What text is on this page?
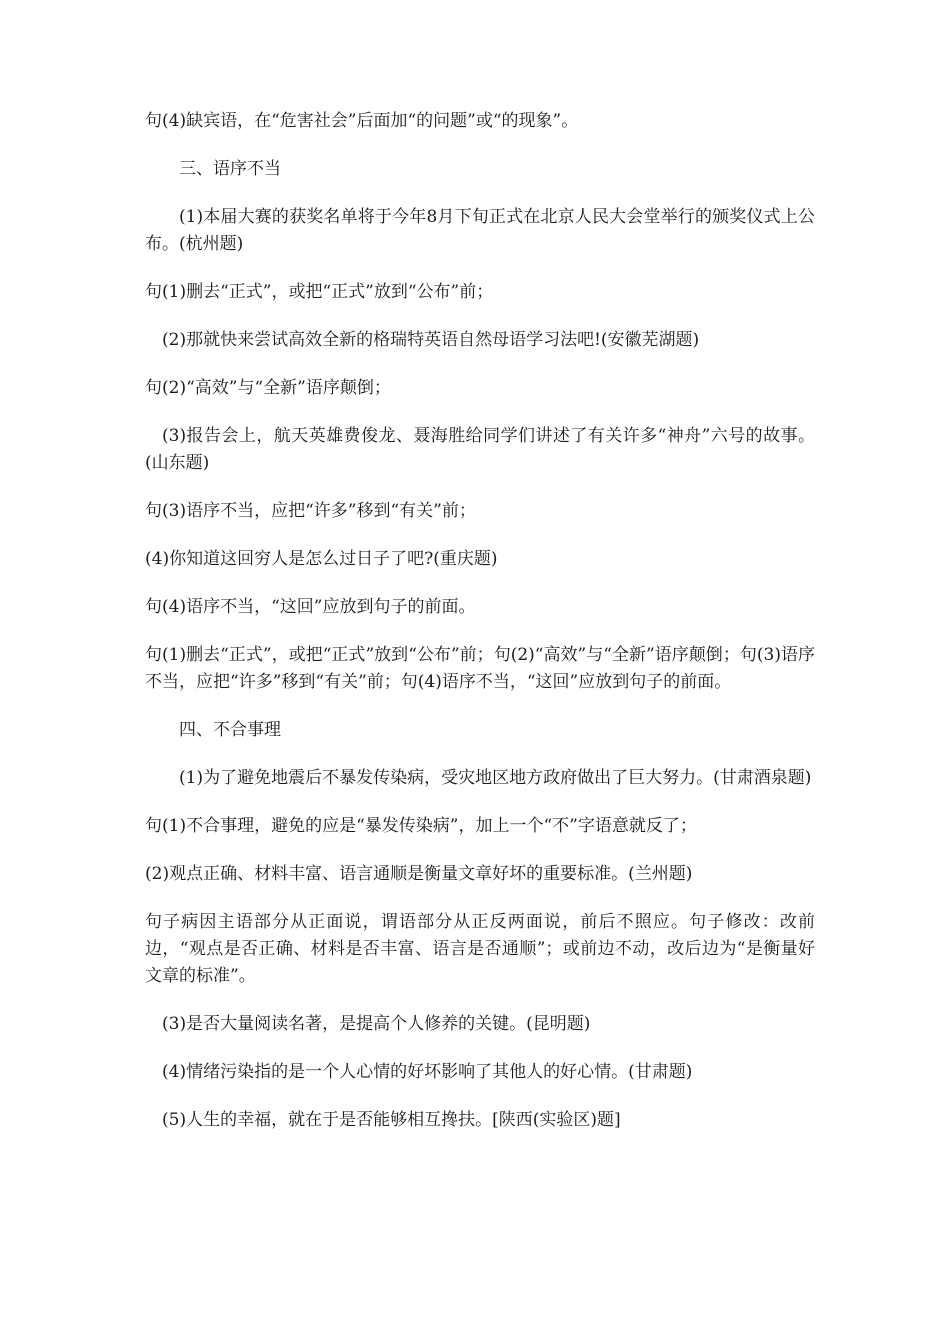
句(4)缺宾语，在“危害社会”后面加“的问题”或“的现象”。

三、语序不当

(1)本届大赛的获奖名单将于今年8月下旬正式在北京人民大会堂举行的颁奖仪式上公布。(杭州题)

句(1)删去“正式”，或把“正式”放到“公布”前；

(2)那就快来尝试高效全新的格瑞特英语自然母语学习法吧!(安徽芜湖题)

句(2)“高效”与“全新”语序颠倒；

(3)报告会上，航天英雄费俊龙、聂海胜给同学们讲述了有关许多“神舟”六号的故事。(山东题)

句(3)语序不当，应把“许多”移到“有关”前；

(4)你知道这回穷人是怎么过日子了吧?(重庆题)

句(4)语序不当，“这回”应放到句子的前面。

句(1)删去“正式”，或把“正式”放到“公布”前；句(2)“高效”与“全新”语序颠倒；句(3)语序不当，应把“许多”移到“有关”前；句(4)语序不当，“这回”应放到句子的前面。

四、不合事理

(1)为了避免地震后不暴发传染病，受灾地区地方政府做出了巨大努力。(甘肃酒泉题)

句(1)不合事理，避免的应是“暴发传染病”，加上一个“不”字语意就反了；

(2)观点正确、材料丰富、语言通顺是衡量文章好坏的重要标准。(兰州题)

句子病因主语部分从正面说，谓语部分从正反两面说，前后不照应。句子修改：改前边，“观点是否正确、材料是否丰富、语言是否通顺”；或前边不动，改后边为“是衡量好文章的标准”。

(3)是否大量阅读名著，是提高个人修养的关键。(昆明题)

(4)情绪污染指的是一个人心情的好坏影响了其他人的好心情。(甘肃题)

(5)人生的幸福，就在于是否能够相互搀扶。[陕西(实验区)题]
